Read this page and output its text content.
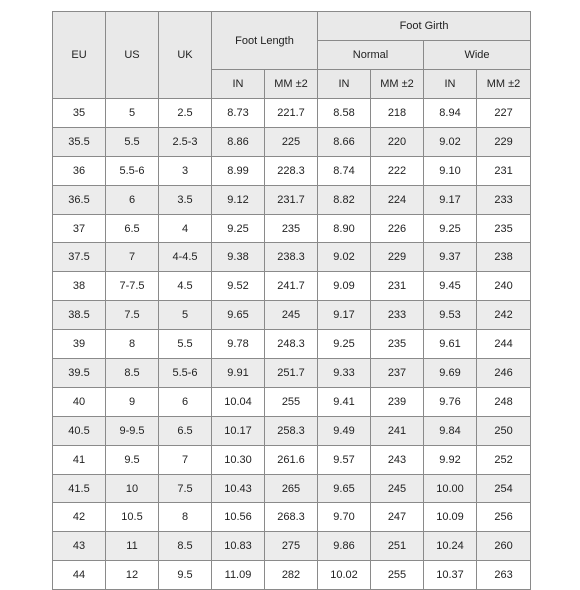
EU	US	UK	Foot Length		Foot Girth			
					Normal		Wide	
			IN	MM ±2	IN	MM ±2	IN	MM ±2
35	5	2.5	8.73	221.7	8.58	218	8.94	227
35.5	5.5	2.5-3	8.86	225	8.66	220	9.02	229
36	5.5-6	3	8.99	228.3	8.74	222	9.10	231
36.5	6	3.5	9.12	231.7	8.82	224	9.17	233
37	6.5	4	9.25	235	8.90	226	9.25	235
37.5	7	4-4.5	9.38	238.3	9.02	229	9.37	238
38	7-7.5	4.5	9.52	241.7	9.09	231	9.45	240
38.5	7.5	5	9.65	245	9.17	233	9.53	242
39	8	5.5	9.78	248.3	9.25	235	9.61	244
39.5	8.5	5.5-6	9.91	251.7	9.33	237	9.69	246
40	9	6	10.04	255	9.41	239	9.76	248
40.5	9-9.5	6.5	10.17	258.3	9.49	241	9.84	250
41	9.5	7	10.30	261.6	9.57	243	9.92	252
41.5	10	7.5	10.43	265	9.65	245	10.00	254
42	10.5	8	10.56	268.3	9.70	247	10.09	256
43	11	8.5	10.83	275	9.86	251	10.24	260
44	12	9.5	11.09	282	10.02	255	10.37	263
